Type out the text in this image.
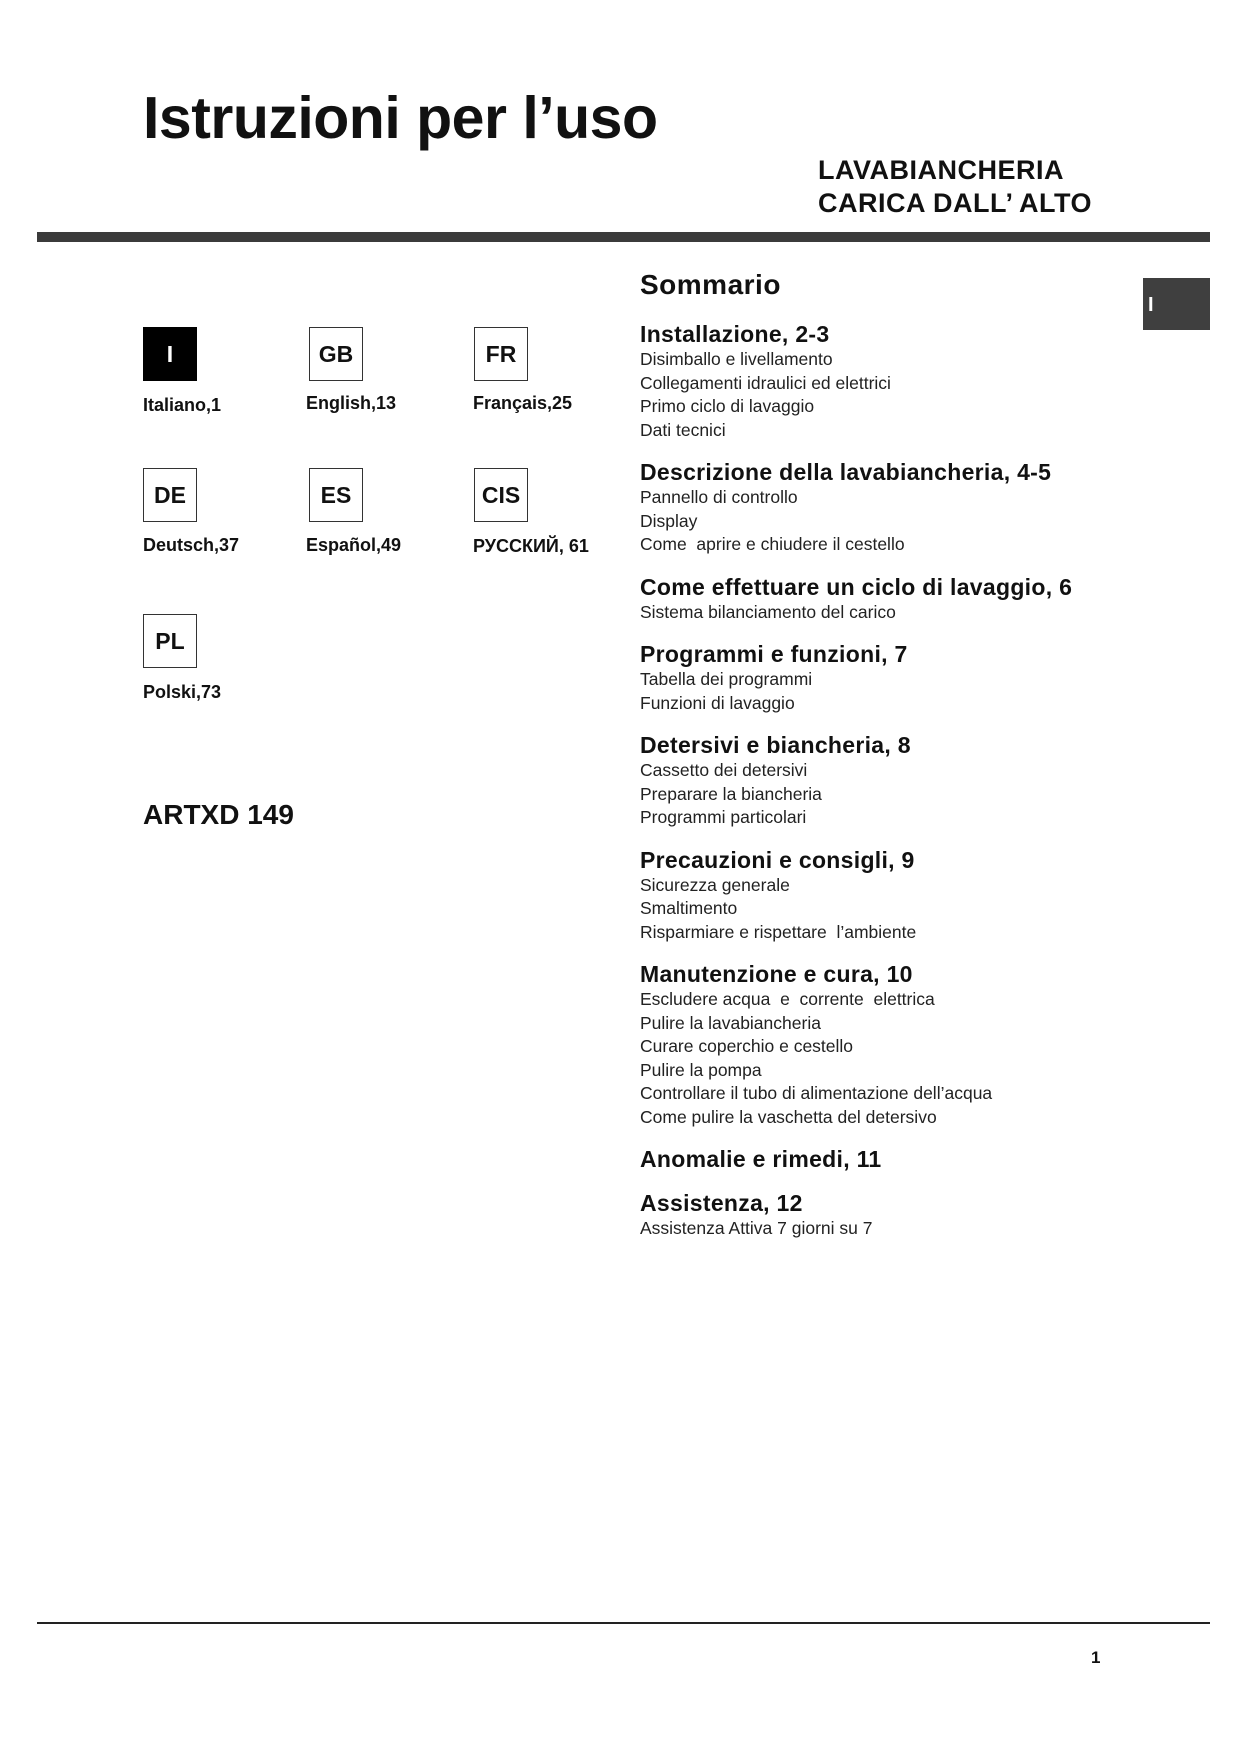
Istruzioni per l’uso
LAVABIANCHERIA
CARICA DALL’ ALTO
I
I
Italiano,1
GB
English,13
FR
Français,25
DE
Deutsch,37
ES
Español,49
CIS
РУССКИЙ, 61
PL
Polski,73
ARTXD 149
Sommario
Installazione, 2-3
Disimballo e livellamento
Collegamenti idraulici ed elettrici
Primo ciclo di lavaggio
Dati tecnici
Descrizione della lavabiancheria, 4-5
Pannello di controllo
Display
Come  aprire e chiudere il cestello
Come effettuare un ciclo di lavaggio, 6
Sistema bilanciamento del carico
Programmi e funzioni, 7
Tabella dei programmi
Funzioni di lavaggio
Detersivi e biancheria, 8
Cassetto dei detersivi
Preparare la biancheria
Programmi particolari
Precauzioni e consigli, 9
Sicurezza generale
Smaltimento
Risparmiare e rispettare  l’ambiente
Manutenzione e cura, 10
Escludere acqua  e  corrente  elettrica
Pulire la lavabiancheria
Curare coperchio e cestello
Pulire la pompa
Controllare il tubo di alimentazione dell’acqua
Come pulire la vaschetta del detersivo
Anomalie e rimedi, 11
Assistenza, 12
Assistenza Attiva 7 giorni su 7
1
